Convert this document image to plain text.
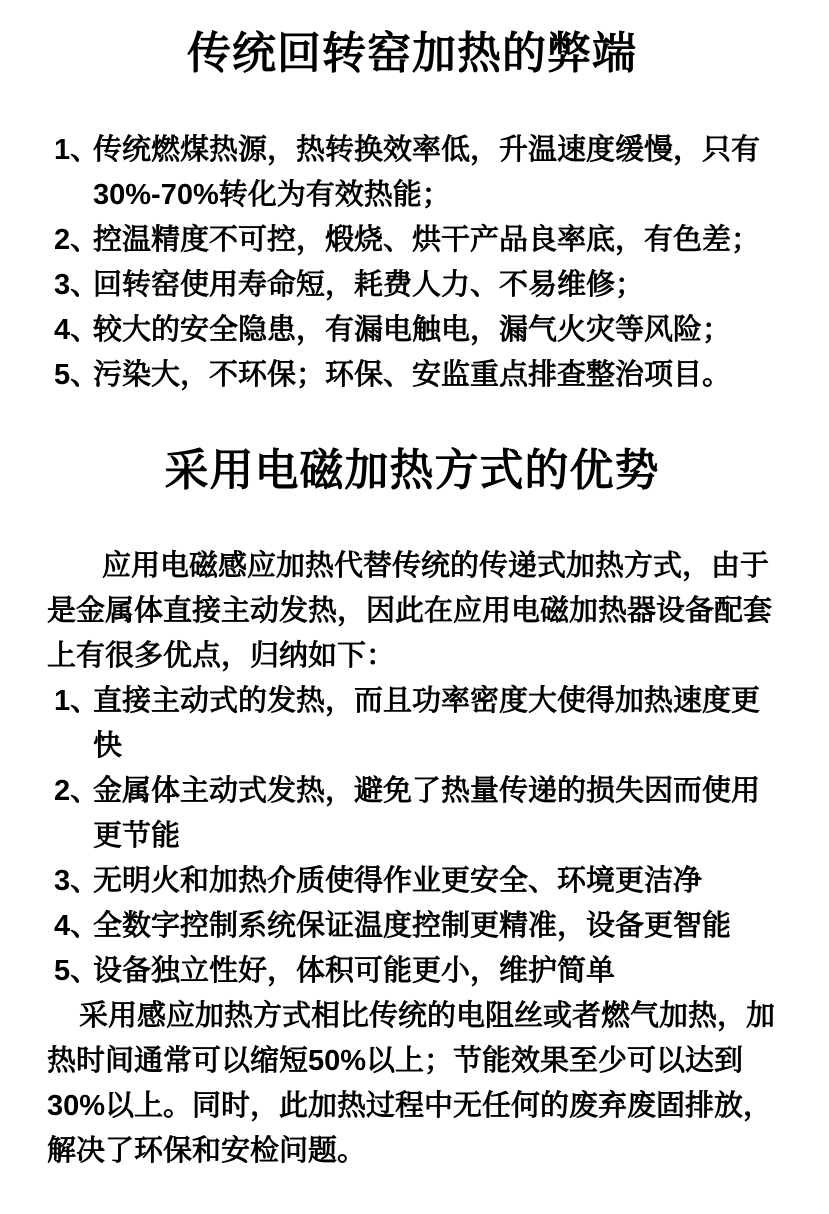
传统回转窑加热的弊端
1、
传统燃煤热源，热转换效率低，升温速度缓慢，只有30%-70%转化为有效热能；
2、
控温精度不可控，煅烧、烘干产品良率底，有色差；
3、
回转窑使用寿命短，耗费人力、不易维修；
4、
较大的安全隐患，有漏电触电，漏气火灾等风险；
5、
污染大，不环保；环保、安监重点排查整治项目。
采用电磁加热方式的优势

应用电磁感应加热代替传统的传递式加热方式，由于是金属体直接主动发热，因此在应用电磁加热器设备配套上有很多优点，归纳如下：

1、
直接主动式的发热，而且功率密度大使得加热速度更快
2、
金属体主动式发热，避免了热量传递的损失因而使用更节能
3、
无明火和加热介质使得作业更安全、环境更洁净
4、
全数字控制系统保证温度控制更精准，设备更智能
5、
设备独立性好，体积可能更小，维护简单

采用感应加热方式相比传统的电阻丝或者燃气加热，加热时间通常可以缩短50%以上；节能效果至少可以达到30%以上。同时，此加热过程中无任何的废弃废固排放，解决了环保和安检问题。
